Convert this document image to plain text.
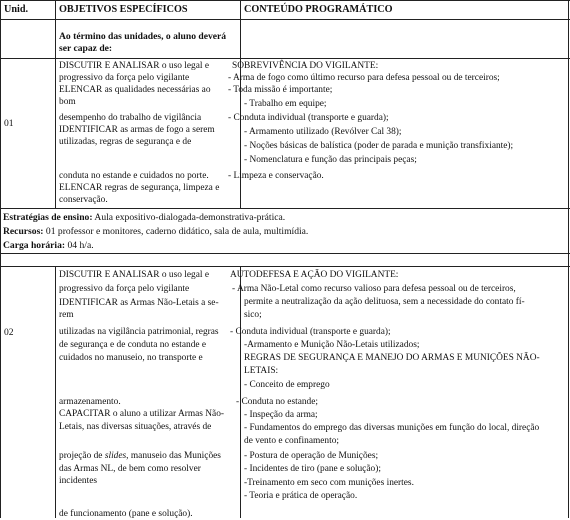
Unid.	OBJETIVOS ESPECÍFICOS	CONTEÚDO PROGRAMÁTICO
Ao término das unidades, o aluno deverá
ser capaz de:
01
DISCUTIR E ANALISAR o uso legal e
progressivo da força pelo vigilante
ELENCAR as qualidades necessárias ao
bom
desempenho do trabalho de vigilância
IDENTIFICAR as armas de fogo a serem
utilizadas, regras de segurança e de
conduta no estande e cuidados no porte.
ELENCAR regras de segurança, limpeza e
conservação.
SOBREVIVÊNCIA DO VIGILANTE:
- Arma de fogo como último recurso para defesa pessoal ou de terceiros;
- Toda missão é importante;
- Trabalho em equipe;
- Conduta individual (transporte e guarda);
- Armamento utilizado (Revólver Cal 38);
- Noções básicas de balística (poder de parada e munição transfixiante);
- Nomenclatura e função das principais peças;
- Limpeza e conservação.
Estratégias de ensino: Aula expositivo-dialogada-demonstrativa-prática.
Recursos: 01 professor e monitores, caderno didático, sala de aula, multimídia.
Carga horária: 04 h/a.
02
DISCUTIR E ANALISAR o uso legal e
progressivo da força pelo vigilante
IDENTIFICAR as Armas Não-Letais a se-
rem
utilizadas na vigilância patrimonial, regras
de segurança e de conduta no estande e
cuidados no manuseio, no transporte e
armazenamento.
CAPACITAR o aluno a utilizar Armas Não-
Letais, nas diversas situações, através de
projeção de slides, manuseio das Munições
das Armas NL, de bem como resolver
incidentes
de funcionamento (pane e solução).
AUTODEFESA E AÇÃO DO VIGILANTE:
- Arma Não-Letal como recurso valioso para defesa pessoal ou de terceiros,
permite a neutralização da ação delituosa, sem a necessidade do contato fí-
sico;
- Conduta individual (transporte e guarda);
-Armamento e Munição Não-Letais utilizados;
REGRAS DE SEGURANÇA E MANEJO DO ARMAS E MUNIÇÕES NÃO-
LETAIS:
- Conceito de emprego
- Conduta no estande;
- Inspeção da arma;
- Fundamentos do emprego das diversas munições em função do local, direção
de vento e confinamento;
- Postura de operação de Munições;
- Incidentes de tiro (pane e solução);
-Treinamento em seco com munições inertes.
- Teoria e prática de operação.
